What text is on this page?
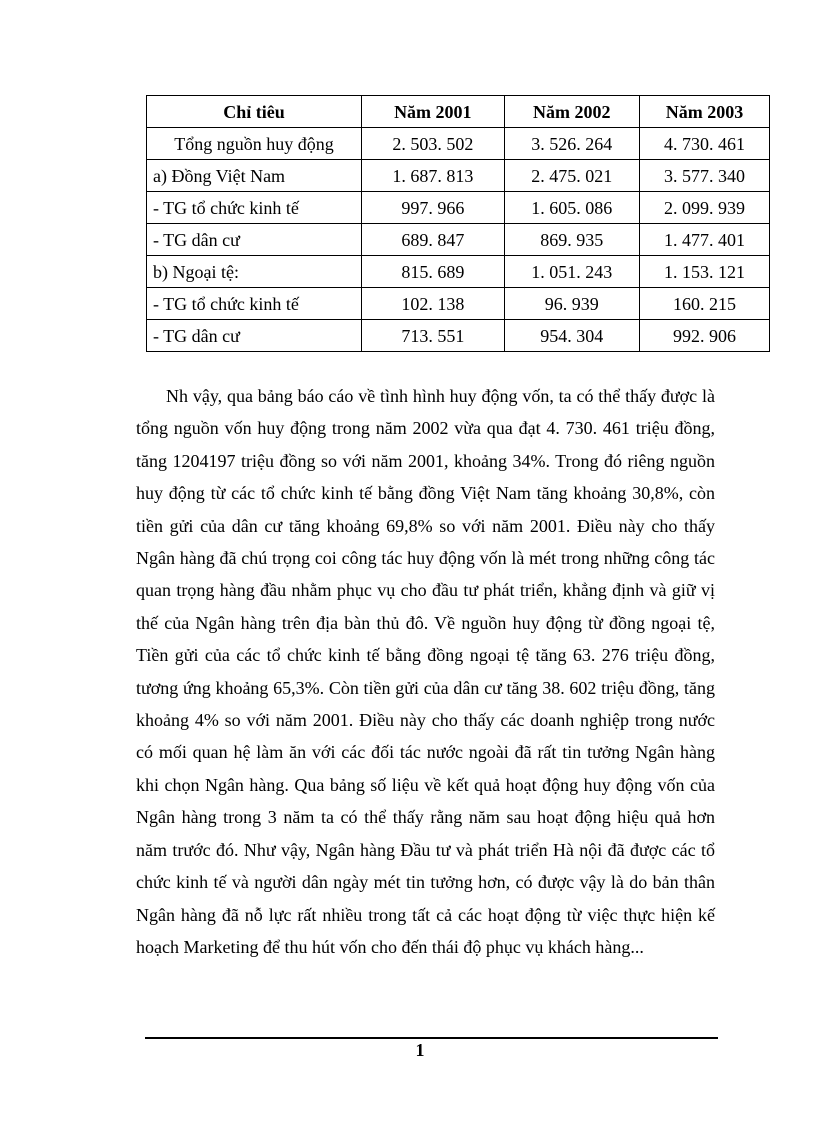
Chỉ tiêu	Năm 2001	Năm 2002	Năm 2003
Tổng nguồn huy động	2. 503. 502	3. 526. 264	4. 730. 461
a) Đồng Việt Nam	1. 687. 813	2. 475. 021	3. 577. 340
- TG tổ chức kinh tế	997. 966	1. 605. 086	2. 099. 939
- TG dân cư	689. 847	869. 935	1. 477. 401
b) Ngoại tệ:	815. 689	1. 051. 243	1. 153. 121
- TG tổ chức kinh tế	102. 138	96. 939	160. 215
- TG dân cư	713. 551	954. 304	992. 906

Nh vậy, qua bảng báo cáo về tình hình huy động vốn, ta có thể thấy được là tổng nguồn vốn huy động trong năm 2002 vừa qua đạt 4. 730. 461 triệu đồng, tăng 1204197 triệu đồng so với năm 2001, khoảng 34%. Trong đó riêng nguồn huy động từ các tổ chức kinh tế bằng đồng Việt Nam tăng khoảng 30,8%, còn tiền gửi của dân cư tăng khoảng 69,8% so với năm 2001. Điều này cho thấy Ngân hàng đã chú trọng coi công tác huy động vốn là mét trong những công tác quan trọng hàng đầu nhằm phục vụ cho đầu tư phát triển, khẳng định và giữ vị thế của Ngân hàng trên địa bàn thủ đô. Về nguồn huy động từ đồng ngoại tệ, Tiền gửi của các tổ chức kinh tế bằng đồng ngoại tệ tăng 63. 276 triệu đồng, tương ứng khoảng 65,3%. Còn tiền gửi của dân cư tăng 38. 602 triệu đồng, tăng khoảng 4% so với năm 2001. Điều này cho thấy các doanh nghiệp trong nước có mối quan hệ làm ăn với các đối tác nước ngoài đã rất tin tưởng Ngân hàng khi chọn Ngân hàng. Qua bảng số liệu về kết quả hoạt động huy động vốn của Ngân hàng trong 3 năm ta có thể thấy rằng năm sau hoạt động hiệu quả hơn năm trước đó. Như vậy, Ngân hàng Đầu tư và phát triển Hà nội đã được các tổ chức kinh tế và người dân ngày mét tin tưởng hơn, có được vậy là do bản thân Ngân hàng đã nỗ lực rất nhiều trong tất cả các hoạt động từ việc thực hiện kế hoạch Marketing để thu hút vốn cho đến thái độ phục vụ khách hàng...

1
